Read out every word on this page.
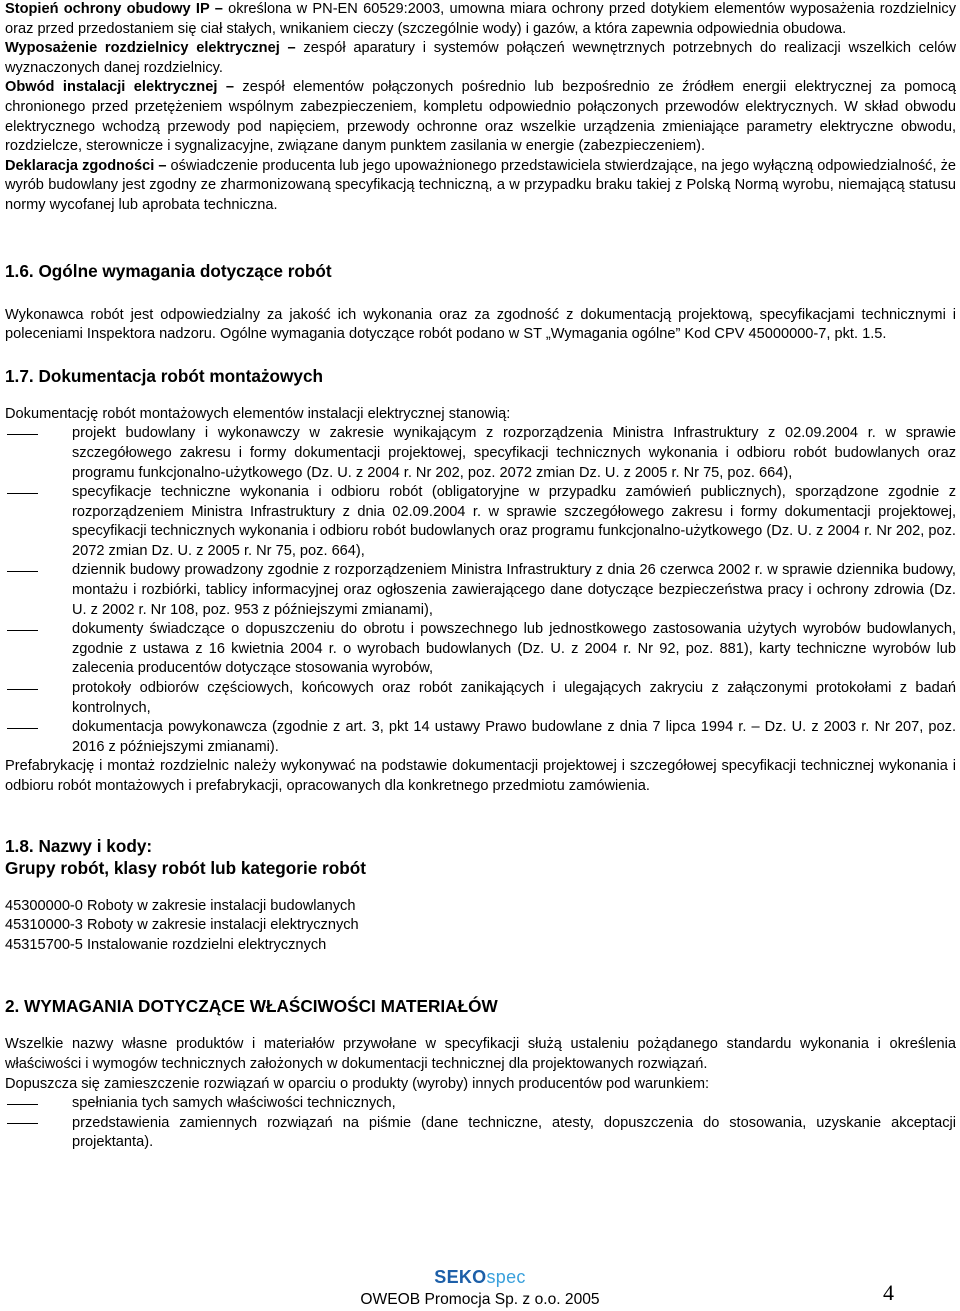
Stopień ochrony obudowy IP – określona w PN-EN 60529:2003, umowna miara ochrony przed dotykiem elementów wyposażenia rozdzielnicy oraz przed przedostaniem się ciał stałych, wnikaniem cieczy (szczególnie wody) i gazów, a która zapewnia odpowiednia obudowa.

Wyposażenie rozdzielnicy elektrycznej – zespół aparatury i systemów połączeń wewnętrznych potrzebnych do realizacji wszelkich celów wyznaczonych danej rozdzielnicy.

Obwód instalacji elektrycznej – zespół elementów połączonych pośrednio lub bezpośrednio ze źródłem energii elektrycznej za pomocą chronionego przed przetężeniem wspólnym zabezpieczeniem, kompletu odpowiednio połączonych przewodów elektrycznych. W skład obwodu elektrycznego wchodzą przewody pod napięciem, przewody ochronne oraz wszelkie urządzenia zmieniające parametry elektryczne obwodu, rozdzielcze, sterownicze i sygnalizacyjne, związane danym punktem zasilania w energie (zabezpieczeniem).

Deklaracja zgodności – oświadczenie producenta lub jego upoważnionego przedstawiciela stwierdzające, na jego wyłączną odpowiedzialność, że wyrób budowlany jest zgodny ze zharmonizowaną specyfikacją techniczną, a w przypadku braku takiej z Polską Normą wyrobu, niemającą statusu normy wycofanej lub aprobata techniczna.

1.6. Ogólne wymagania dotyczące robót

Wykonawca robót jest odpowiedzialny za jakość ich wykonania oraz za zgodność z dokumentacją projektową, specyfikacjami technicznymi i poleceniami Inspektora nadzoru. Ogólne wymagania dotyczące robót podano w ST „Wymagania ogólne” Kod CPV 45000000-7, pkt. 1.5.

1.7. Dokumentacja robót montażowych

Dokumentację robót montażowych elementów instalacji elektrycznej stanowią:

projekt budowlany i wykonawczy w zakresie wynikającym z rozporządzenia Ministra Infrastruktury z 02.09.2004 r. w sprawie szczegółowego zakresu i formy dokumentacji projektowej, specyfikacji technicznych wykonania i odbioru robót budowlanych oraz programu funkcjonalno-użytkowego (Dz. U. z 2004 r. Nr 202, poz. 2072 zmian Dz. U. z 2005 r. Nr 75, poz. 664),
specyfikacje techniczne wykonania i odbioru robót (obligatoryjne w przypadku zamówień publicznych), sporządzone zgodnie z rozporządzeniem Ministra Infrastruktury z dnia 02.09.2004 r. w sprawie szczegółowego zakresu i formy dokumentacji projektowej, specyfikacji technicznych wykonania i odbioru robót budowlanych oraz programu funkcjonalno-użytkowego (Dz. U. z 2004 r. Nr 202, poz. 2072 zmian Dz. U. z 2005 r. Nr 75, poz. 664),
dziennik budowy prowadzony zgodnie z rozporządzeniem Ministra Infrastruktury z dnia 26 czerwca 2002 r. w sprawie dziennika budowy, montażu i rozbiórki, tablicy informacyjnej oraz ogłoszenia zawierającego dane dotyczące bezpieczeństwa pracy i ochrony zdrowia (Dz. U. z 2002 r. Nr 108, poz. 953 z późniejszymi zmianami),
dokumenty świadczące o dopuszczeniu do obrotu i powszechnego lub jednostkowego zastosowania użytych wyrobów budowlanych, zgodnie z ustawa z 16 kwietnia 2004 r. o wyrobach budowlanych (Dz. U. z 2004 r. Nr 92, poz. 881), karty techniczne wyrobów lub zalecenia producentów dotyczące stosowania wyrobów,
protokoły odbiorów częściowych, końcowych oraz robót zanikających i ulegających zakryciu z załączonymi protokołami z badań kontrolnych,
dokumentacja powykonawcza (zgodnie z art. 3, pkt 14 ustawy Prawo budowlane z dnia 7 lipca 1994 r. – Dz. U. z 2003 r. Nr 207, poz. 2016 z późniejszymi zmianami).

Prefabrykację i montaż rozdzielnic należy wykonywać na podstawie dokumentacji projektowej i szczegółowej specyfikacji technicznej wykonania i odbioru robót montażowych i prefabrykacji, opracowanych dla konkretnego przedmiotu zamówienia.

1.8. Nazwy i kody:
Grupy robót, klasy robót lub kategorie robót

45300000-0 Roboty w zakresie instalacji budowlanych

45310000-3 Roboty w zakresie instalacji elektrycznych

45315700-5 Instalowanie rozdzielni elektrycznych

2. WYMAGANIA DOTYCZĄCE WŁAŚCIWOŚCI MATERIAŁÓW

Wszelkie nazwy własne produktów i materiałów przywołane w specyfikacji służą ustaleniu pożądanego standardu wykonania i określenia właściwości i wymogów technicznych założonych w dokumentacji technicznej dla projektowanych rozwiązań.

Dopuszcza się zamieszczenie rozwiązań w oparciu o produkty (wyroby) innych producentów pod warunkiem:

spełniania tych samych właściwości technicznych,
przedstawienia zamiennych rozwiązań na piśmie (dane techniczne, atesty, dopuszczenia do stosowania, uzyskanie akceptacji projektanta).
SEKOspec
OWEOB Promocja Sp. z o.o. 2005	4
